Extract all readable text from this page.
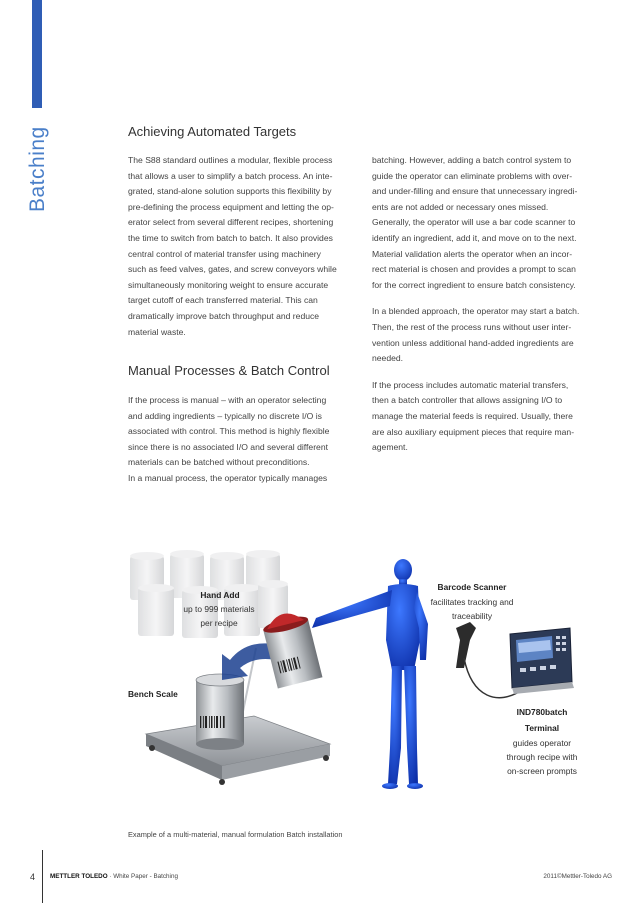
Batching	Achieving Automated Targets

The S88 standard outlines a modular, flexible process
that allows a user to simplify a batch process. An inte-
grated, stand-alone solution supports this flexibility by
pre-defining the process equipment and letting the op-
erator select from several different recipes, shortening
the time to switch from batch to batch. It also provides
central control of material transfer using machinery
such as feed valves, gates, and screw conveyors while
simultaneously monitoring weight to ensure accurate
target cutoff of each transferred material. This can
dramatically improve batch throughput and reduce
material waste.

Manual Processes & Batch Control

If the process is manual – with an operator selecting
and adding ingredients – typically no discrete I/O is
associated with control. This method is highly flexible
since there is no associated I/O and several different
materials can be batched without preconditions.
In a manual process, the operator typically manages

batching. However, adding a batch control system to
guide the operator can eliminate problems with over-
and under-filling and ensure that unnecessary ingredi-
ents are not added or necessary ones missed.
Generally, the operator will use a bar code scanner to
identify an ingredient, add it, and move on to the next.
Material validation alerts the operator when an incor-
rect material is chosen and provides a prompt to scan
for the correct ingredient to ensure batch consistency.

In a blended approach, the operator may start a batch.
Then, the rest of the process runs without user inter-
vention unless additional hand-added ingredients are
needed.

If the process includes automatic material transfers,
then a batch controller that allows assigning I/O to
manage the material feeds is required. Usually, there
are also auxiliary equipment pieces that require man-
agement.

Hand Add
up to 999 materials
per recipe
Bench Scale
Barcode Scanner
facilitates tracking and
traceability
IND780batch
Terminal
guides operator
through recipe with
on-screen prompts
Example of a multi-material, manual formulation Batch installation
4 METTLER TOLEDO · White Paper - Batching	2011©Mettler-Toledo AG
